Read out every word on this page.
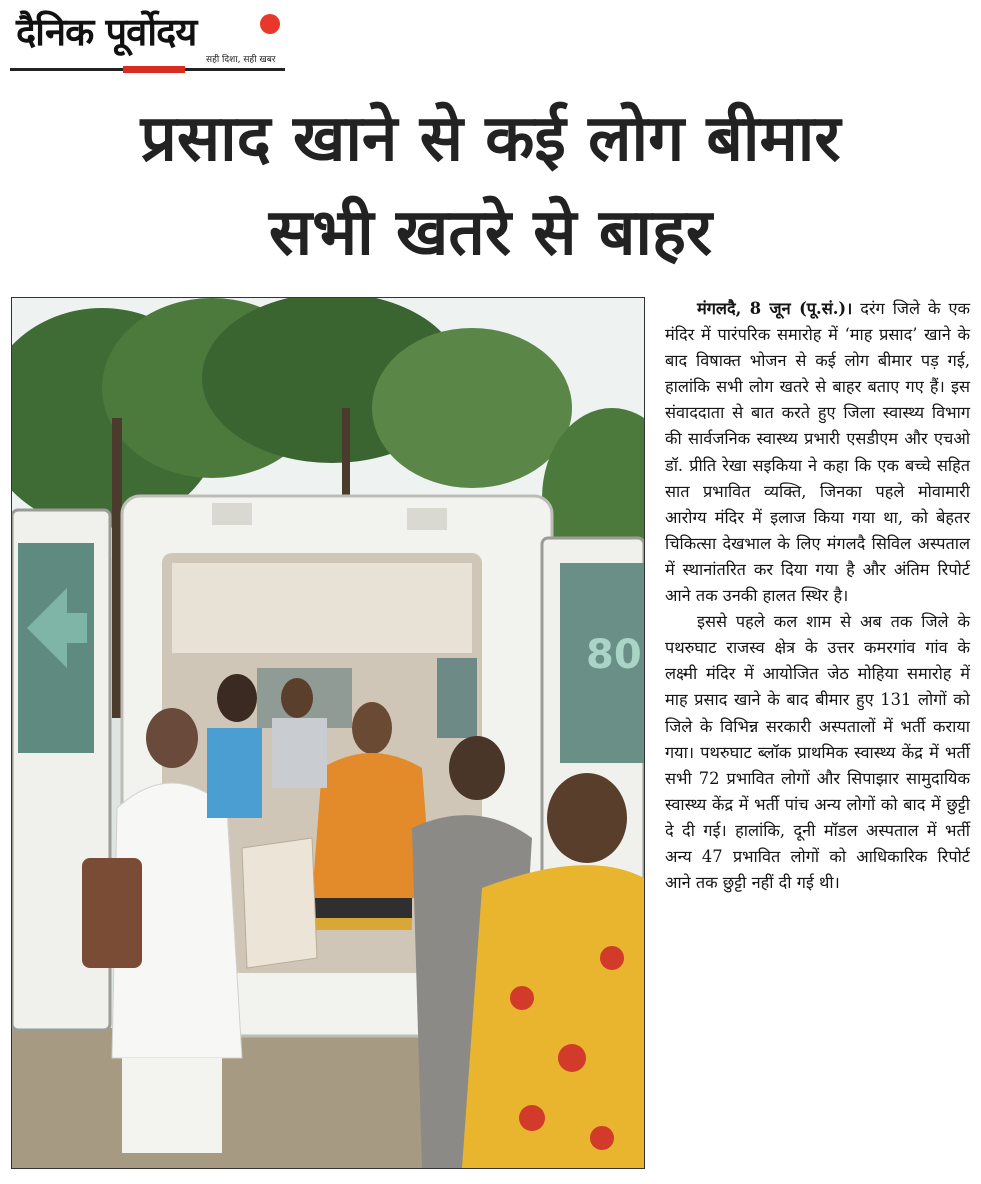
दैनिक पूर्वोदय
सही दिशा, सही खबर
प्रसाद खाने से कई लोग बीमार
सभी खतरे से बाहर
80

मंगलदै, 8 जून (पू.सं.)। दरंग जिले के एक मंदिर में पारंपरिक समारोह में ‘माह प्रसाद’ खाने के बाद विषाक्त भोजन से कई लोग बीमार पड़ गई, हालांकि सभी लोग खतरे से बाहर बताए गए हैं। इस संवाददाता से बात करते हुए जिला स्वास्थ्य विभाग की सार्वजनिक स्वास्थ्य प्रभारी एसडीएम और एचओ डॉ. प्रीति रेखा सइकिया ने कहा कि एक बच्चे सहित सात प्रभावित व्यक्ति, जिनका पहले मोवामारी आरोग्य मंदिर में इलाज किया गया था, को बेहतर चिकित्सा देखभाल के लिए मंगलदै सिविल अस्पताल में स्थानांतरित कर दिया गया है और अंतिम रिपोर्ट आने तक उनकी हालत स्थिर है।

इससे पहले कल शाम से अब तक जिले के पथरुघाट राजस्व क्षेत्र के उत्तर कमरगांव गांव के लक्ष्मी मंदिर में आयोजित जेठ मोहिया समारोह में माह प्रसाद खाने के बाद बीमार हुए 131 लोगों को जिले के विभिन्न सरकारी अस्पतालों में भर्ती कराया गया। पथरुघाट ब्लॉक प्राथमिक स्वास्थ्य केंद्र में भर्ती सभी 72 प्रभावित लोगों और सिपाझार सामुदायिक स्वास्थ्य केंद्र में भर्ती पांच अन्य लोगों को बाद में छुट्टी दे दी गई। हालांकि, दूनी मॉडल अस्पताल में भर्ती अन्य 47 प्रभावित लोगों को आधिकारिक रिपोर्ट आने तक छुट्टी नहीं दी गई थी।
